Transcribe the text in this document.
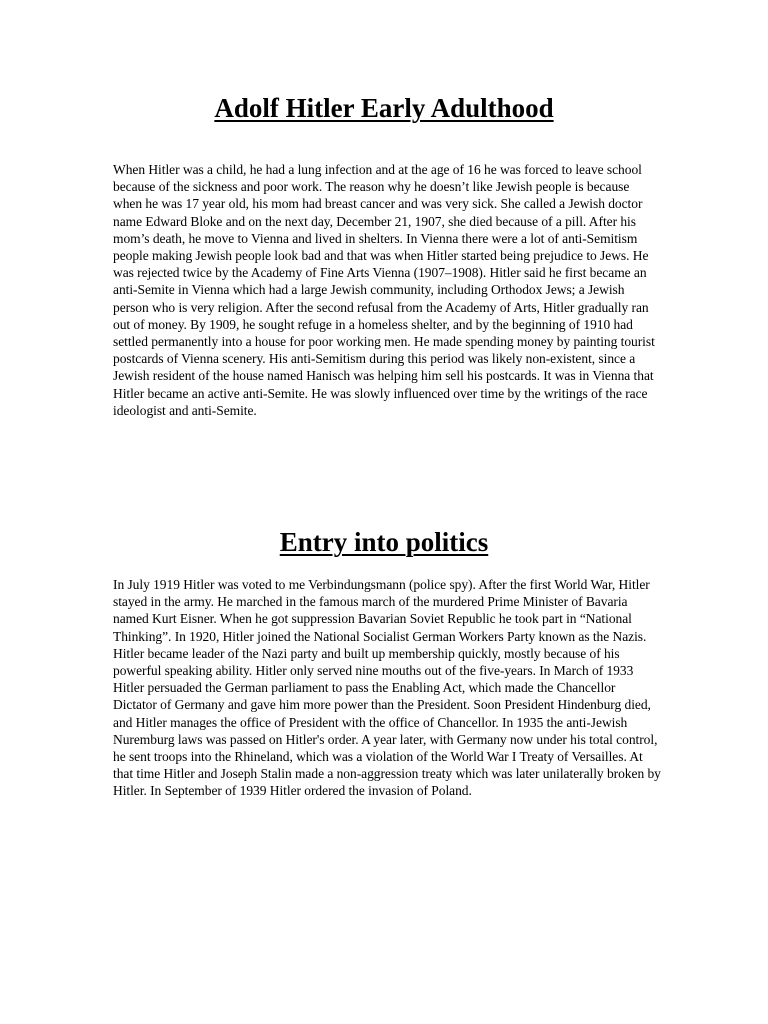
Adolf Hitler Early Adulthood

When Hitler was a child, he had a lung infection and at the age of 16 he was forced to leave school because of the sickness and poor work. The reason why he doesn’t like Jewish people is because when he was 17 year old, his mom had breast cancer and was very sick. She called a Jewish doctor name Edward Bloke and on the next day, December 21, 1907, she died because of a pill. After his mom’s death, he move to Vienna and lived in shelters. In Vienna there were a lot of anti-Semitism people making Jewish people look bad and that was when Hitler started being prejudice to Jews. He was rejected twice by the Academy of Fine Arts Vienna (1907–1908). Hitler said he first became an anti-Semite in Vienna which had a large Jewish community, including Orthodox Jews; a Jewish person who is very religion. After the second refusal from the Academy of Arts, Hitler gradually ran out of money. By 1909, he sought refuge in a homeless shelter, and by the beginning of 1910 had settled permanently into a house for poor working men. He made spending money by painting tourist postcards of Vienna scenery. His anti-Semitism during this period was likely non-existent, since a Jewish resident of the house named Hanisch was helping him sell his postcards. It was in Vienna that Hitler became an active anti-Semite. He was slowly influenced over time by the writings of the race ideologist and anti-Semite.

Entry into politics

In July 1919 Hitler was voted to me Verbindungsmann (police spy). After the first World War, Hitler stayed in the army. He marched in the famous march of the murdered Prime Minister of Bavaria named Kurt Eisner. When he got suppression Bavarian Soviet Republic he took part in “National Thinking”. In 1920, Hitler joined the National Socialist German Workers Party known as the Nazis. Hitler became leader of the Nazi party and built up membership quickly, mostly because of his powerful speaking ability. Hitler only served nine mouths out of the five-years. In March of 1933 Hitler persuaded the German parliament to pass the Enabling Act, which made the Chancellor Dictator of Germany and gave him more power than the President. Soon President Hindenburg died, and Hitler manages the office of President with the office of Chancellor. In 1935 the anti-Jewish Nuremburg laws was passed on Hitler's order. A year later, with Germany now under his total control, he sent troops into the Rhineland, which was a violation of the World War I Treaty of Versailles. At that time Hitler and Joseph Stalin made a non-aggression treaty which was later unilaterally broken by Hitler. In September of 1939 Hitler ordered the invasion of Poland.
